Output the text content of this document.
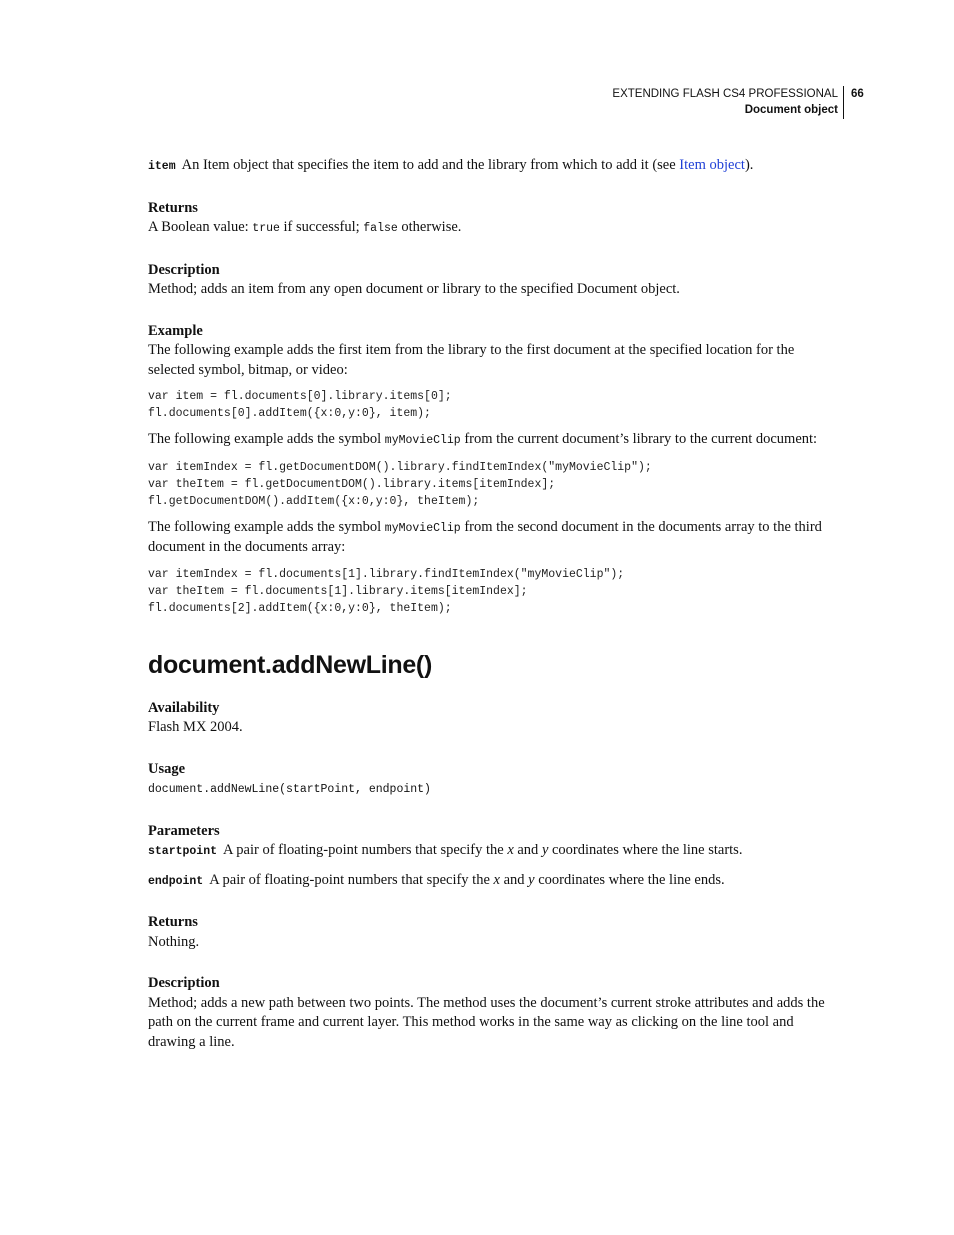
EXTENDING FLASH CS4 PROFESSIONAL
Document object
66

item An Item object that specifies the item to add and the library from which to add it (see Item object).

Returns

A Boolean value: true if successful; false otherwise.

Description

Method; adds an item from any open document or library to the specified Document object.

Example

The following example adds the first item from the library to the first document at the specified location for the selected symbol, bitmap, or video:

var item = fl.documents[0].library.items[0];
fl.documents[0].addItem({x:0,y:0}, item);

The following example adds the symbol myMovieClip from the current document’s library to the current document:

var itemIndex = fl.getDocumentDOM().library.findItemIndex("myMovieClip");
var theItem = fl.getDocumentDOM().library.items[itemIndex];
fl.getDocumentDOM().addItem({x:0,y:0}, theItem);

The following example adds the symbol myMovieClip from the second document in the documents array to the third document in the documents array:

var itemIndex = fl.documents[1].library.findItemIndex("myMovieClip");
var theItem = fl.documents[1].library.items[itemIndex];
fl.documents[2].addItem({x:0,y:0}, theItem);
document.addNewLine()

Availability

Flash MX 2004.

Usage

document.addNewLine(startPoint, endpoint)

Parameters

startpoint A pair of floating-point numbers that specify the x and y coordinates where the line starts.

endpoint A pair of floating-point numbers that specify the x and y coordinates where the line ends.

Returns

Nothing.

Description

Method; adds a new path between two points. The method uses the document’s current stroke attributes and adds the path on the current frame and current layer. This method works in the same way as clicking on the line tool and drawing a line.
